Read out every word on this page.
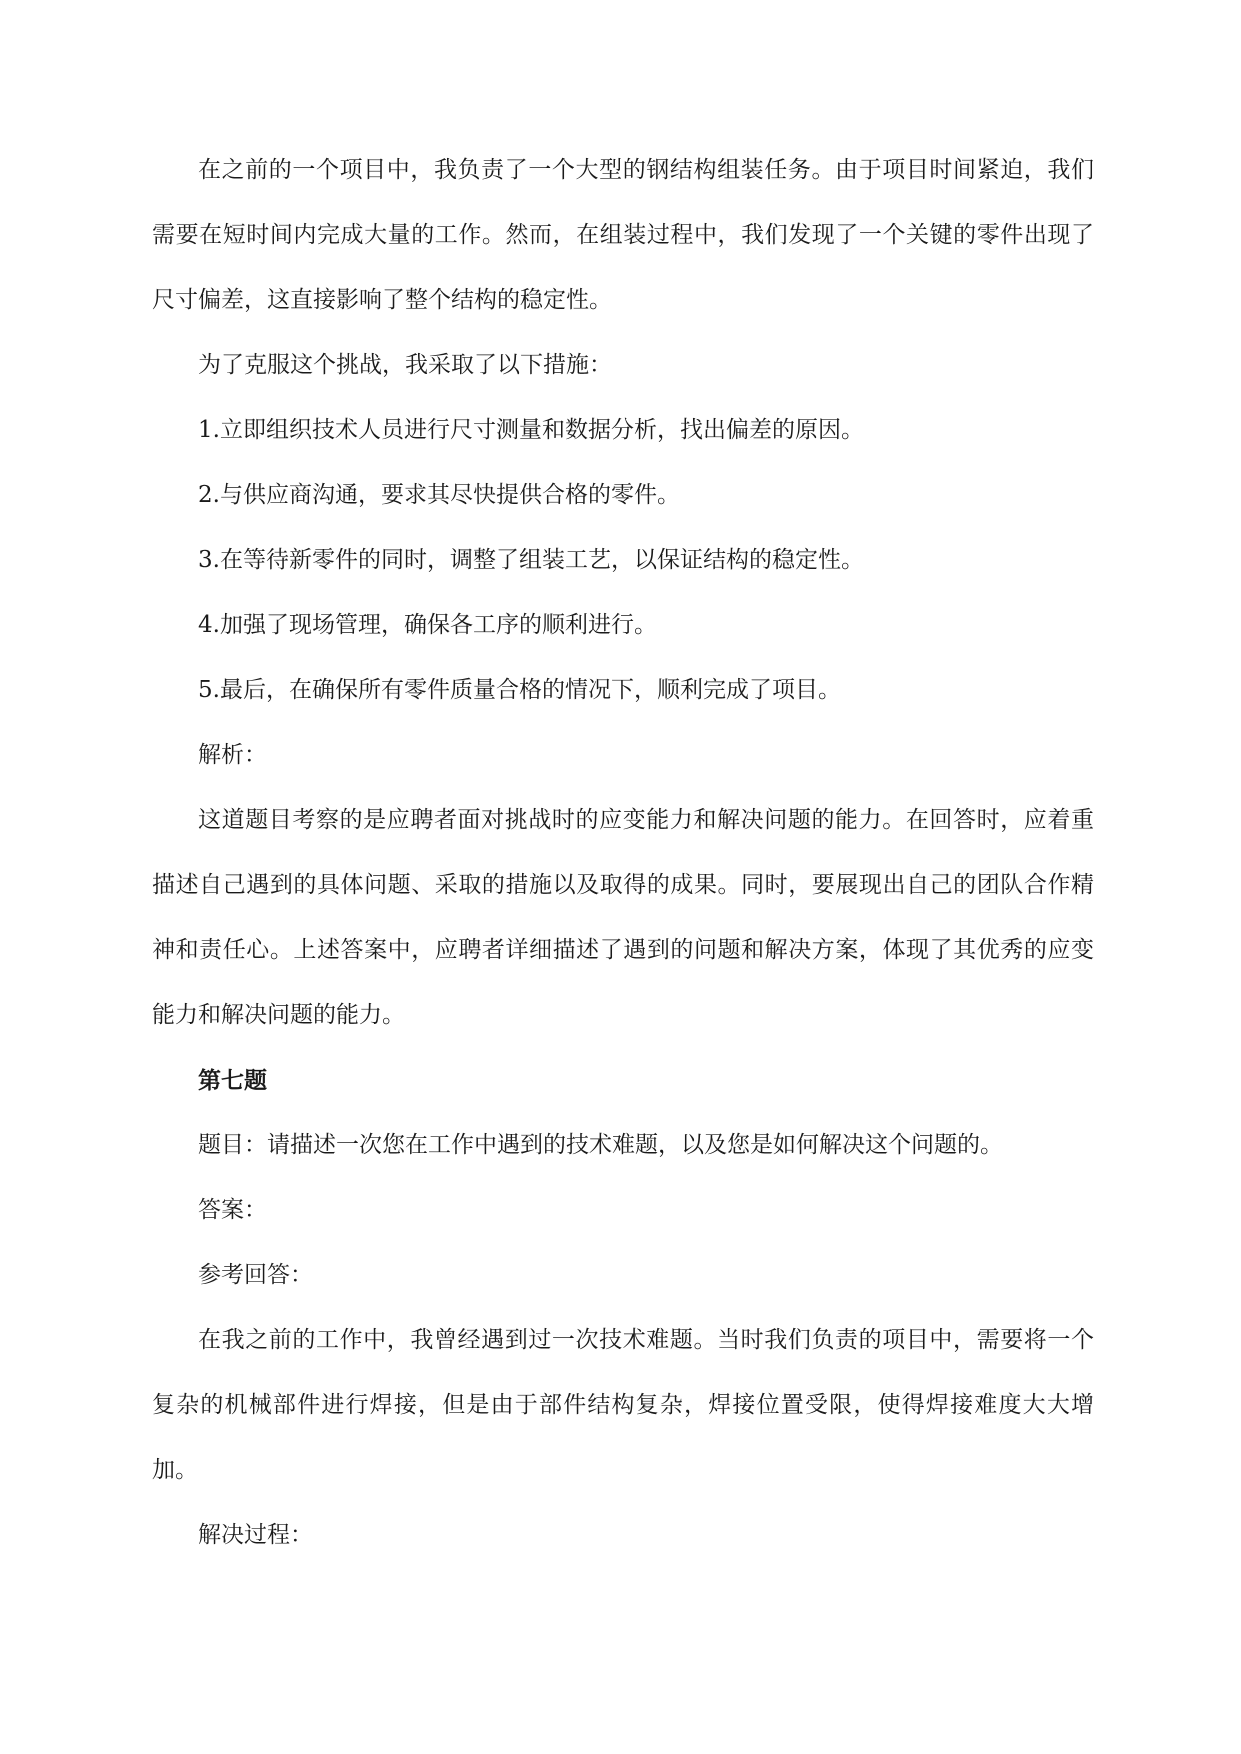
在之前的一个项目中，我负责了一个大型的钢结构组装任务。由于项目时间紧迫，我们需要在短时间内完成大量的工作。然而，在组装过程中，我们发现了一个关键的零件出现了尺寸偏差，这直接影响了整个结构的稳定性。

为了克服这个挑战，我采取了以下措施：

1.立即组织技术人员进行尺寸测量和数据分析，找出偏差的原因。

2.与供应商沟通，要求其尽快提供合格的零件。

3.在等待新零件的同时，调整了组装工艺，以保证结构的稳定性。

4.加强了现场管理，确保各工序的顺利进行。

5.最后，在确保所有零件质量合格的情况下，顺利完成了项目。

解析：

这道题目考察的是应聘者面对挑战时的应变能力和解决问题的能力。在回答时，应着重描述自己遇到的具体问题、采取的措施以及取得的成果。同时，要展现出自己的团队合作精神和责任心。上述答案中，应聘者详细描述了遇到的问题和解决方案，体现了其优秀的应变能力和解决问题的能力。

第七题

题目：请描述一次您在工作中遇到的技术难题，以及您是如何解决这个问题的。

答案：

参考回答：

在我之前的工作中，我曾经遇到过一次技术难题。当时我们负责的项目中，需要将一个复杂的机械部件进行焊接，但是由于部件结构复杂，焊接位置受限，使得焊接难度大大增加。

解决过程：
